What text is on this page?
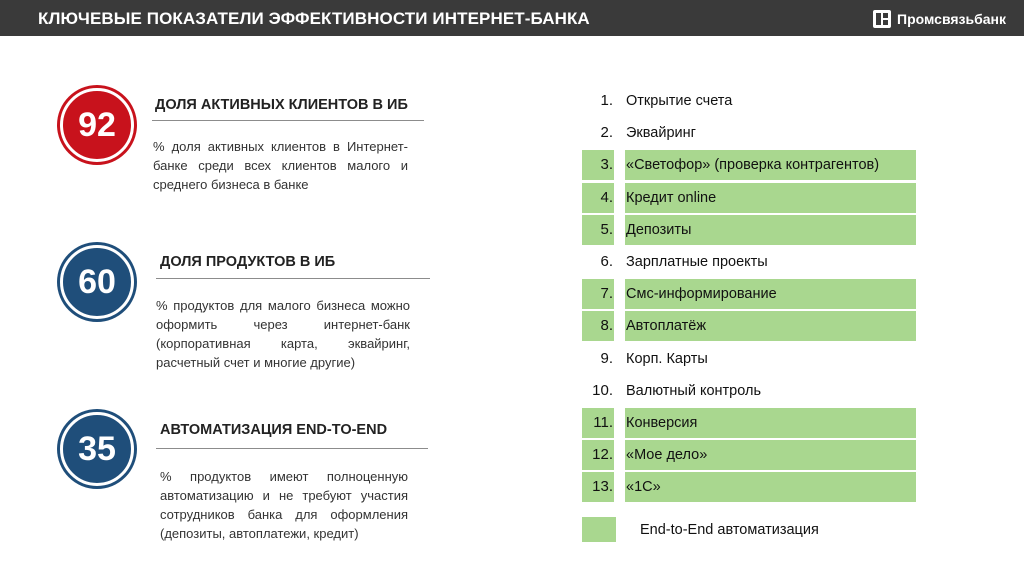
КЛЮЧЕВЫЕ ПОКАЗАТЕЛИ ЭФФЕКТИВНОСТИ ИНТЕРНЕТ-БАНКА	Промсвязьбанк
92
ДОЛЯ АКТИВНЫХ КЛИЕНТОВ В ИБ
% доля активных клиентов в Интернет-банке среди всех клиентов малого и среднего бизнеса в банке
60
ДОЛЯ ПРОДУКТОВ В ИБ
% продуктов для малого бизнеса можно оформить через интернет-банк (корпоративная карта, эквайринг, расчетный счет и многие другие)
35	АВТОМАТИЗАЦИЯ END-TO-END
% продуктов имеют полноценную автоматизацию и не требуют участия сотрудников банка для оформления (депозиты, автоплатежи, кредит)
1. Открытие счета
2. Эквайринг
3. «Светофор» (проверка контрагентов)
4. Кредит online
5. Депозиты
6. Зарплатные проекты
7. Смс-информирование
8. Автоплатёж
9. Корп. Карты
10. Валютный контроль
11. Конверсия
12. «Мое дело»
13. «1С»
End-to-End автоматизация
